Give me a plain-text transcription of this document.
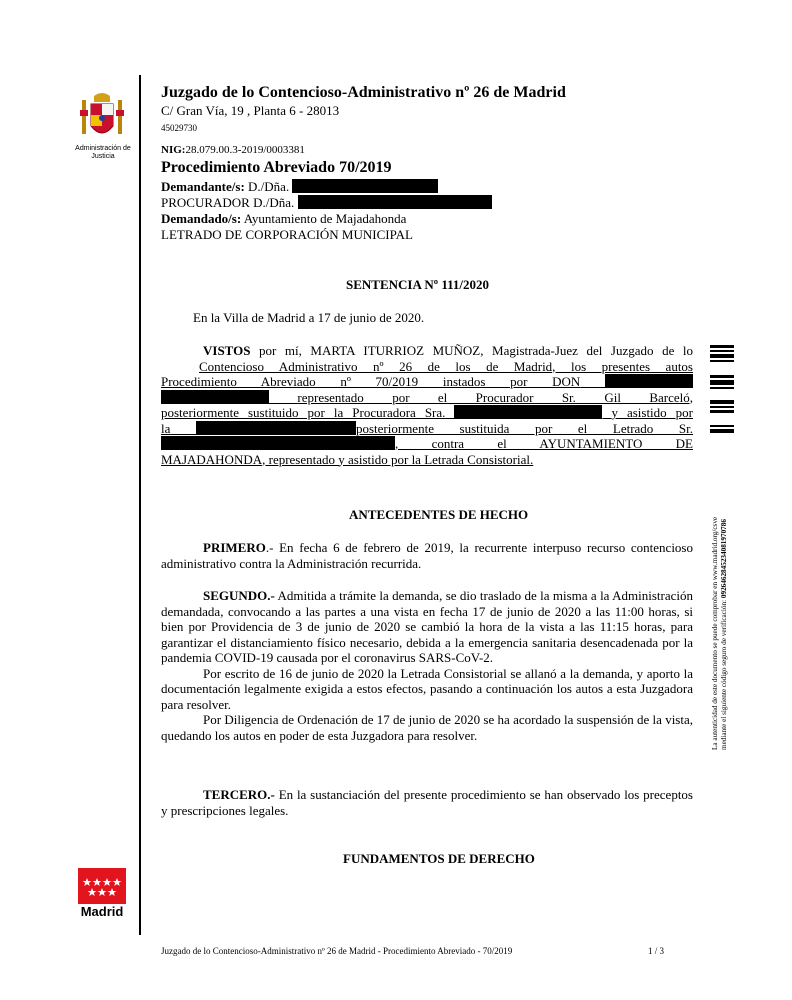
Administración de Justicia
Juzgado de lo Contencioso-Administrativo nº 26 de Madrid
C/ Gran Vía, 19 , Planta 6 - 28013
45029730
NIG:28.079.00.3-2019/0003381
Procedimiento Abreviado 70/2019
Demandante/s: D./Dña.
PROCURADOR D./Dña.
Demandado/s: Ayuntamiento de Majadahonda
LETRADO DE CORPORACIÓN MUNICIPAL
SENTENCIA Nº 111/2020
En la Villa de Madrid a 17 de junio de 2020.

VISTOS por mí, MARTA ITURRIOZ MUÑOZ, Magistrada-Juez del Juzgado de lo

Contencioso Administrativo nº 26 de los de Madrid, los presentes autos

Procedimiento Abreviado nº 70/2019 instados por DON

representado por el Procurador Sr. Gil Barceló,

posteriormente sustituido por la Procuradora Sra.	y asistido por

la	posteriormente sustituida por el Letrado Sr.

, contra el AYUNTAMIENTO DE

MAJADAHONDA, representado y asistido por la Letrada Consistorial.

ANTECEDENTES DE HECHO

PRIMERO.- En fecha 6 de febrero de 2019, la recurrente interpuso recurso contencioso administrativo contra la Administración recurrida.

SEGUNDO.- Admitida a trámite la demanda, se dio traslado de la misma a la Administración demandada, convocando a las partes a una vista en fecha 17 de junio de 2020 a las 11:00 horas, si bien por Providencia de 3 de junio de 2020 se cambió la hora de la vista a las 11:15 horas, para garantizar el distanciamiento físico necesario, debida a la emergencia sanitaria desencadenada por la pandemia COVID-19 causada por el coronavirus SARS-CoV-2.

Por escrito de 16 de junio de 2020 la Letrada Consistorial se allanó a la demanda, y aporto la documentación legalmente exigida a estos efectos, pasando a continuación los autos a esta Juzgadora para resolver.

Por Diligencia de Ordenación de 17 de junio de 2020 se ha acordado la suspensión de la vista, quedando los autos en poder de esta Juzgadora para resolver.

TERCERO.- En la sustanciación del presente procedimiento se han observado los preceptos y prescripciones legales.

FUNDAMENTOS DE DERECHO
La autenticidad de este documento se puede comprobar en www.madrid.org/csve mediante el siguiente código seguro de verificación: 0926462845234081970786
Madrid
Juzgado de lo Contencioso-Administrativo nº 26 de Madrid - Procedimiento Abreviado - 70/2019	1 / 3
